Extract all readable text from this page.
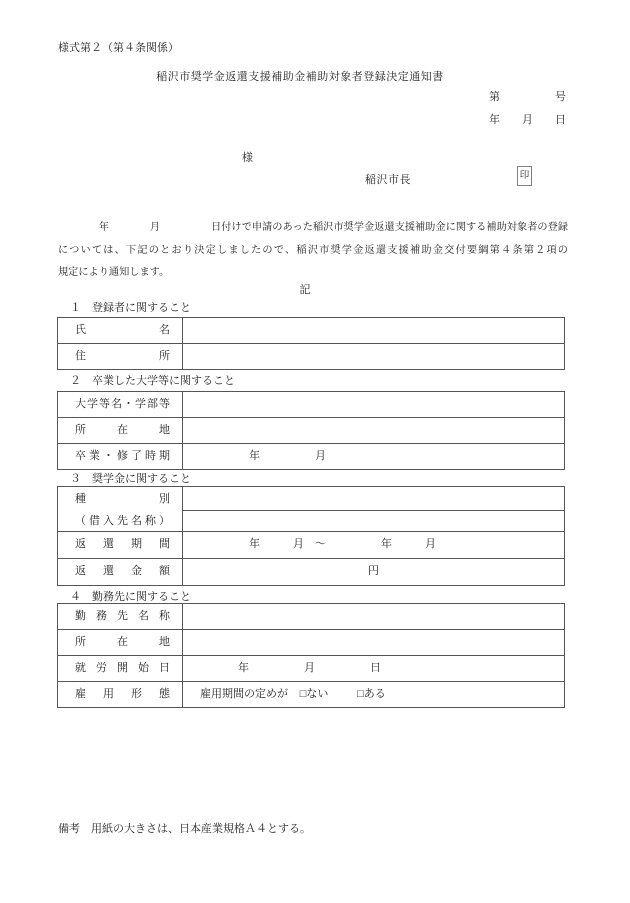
様式第２（第４条関係）
稲沢市奨学金返還支援補助金補助対象者登録決定通知書
第　　　　　号
年　　月　　日
様
稲沢市長	印
　　　　年　　　　月　　　　　日付けで申請のあった稲沢市奨学金返還支援補助金に関する補助対象者の登録
については、下記のとおり決定しましたので、稲沢市奨学金返還支援補助金交付要綱第４条第２項の
規定により通知します。
記
１　登録者に関すること
氏名
住所
２　卒業した大学等に関すること
大学等名・学部等
所在地
卒業・修了時期	　　　　　　年　　　　　月
３　奨学金に関すること
種別
（借入先名称）
返還期間	　　　　　　年　　　月　～　　　　　年　　　月
返還金額	円
４　勤務先に関すること
勤務先名称
所在地
就労開始日	　　　　　年　　　　　月　　　　　日
雇用形態	雇用期間の定めが □ない	□ある
備考　用紙の大きさは、日本産業規格Ａ４とする。
